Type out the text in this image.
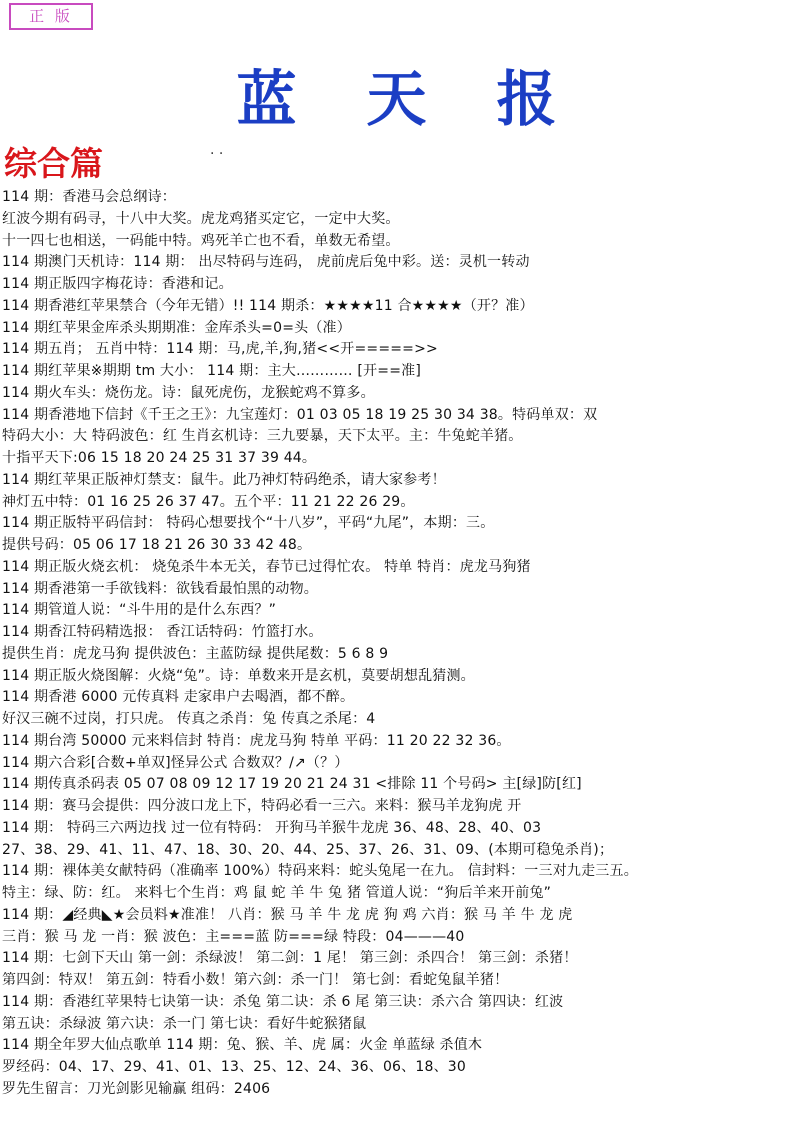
正 版
蓝 天 报
综合篇	. .
114 期：香港马会总纲诗：
红波今期有码寻，十八中大奖。虎龙鸡猪买定它，一定中大奖。
十一四七也相送，一码能中特。鸡死羊亡也不看，单数无希望。
114 期澳门天机诗：114 期： 出尽特码与连码， 虎前虎后兔中彩。送：灵机一转动
114 期正版四字梅花诗：香港和记。
114 期香港红苹果禁合（今年无错）!! 114 期杀：★★★★11 合★★★★（开？准）
114 期红苹果金库杀头期期准：金库杀头=0=头（准）
114 期五肖； 五肖中特：114 期：马,虎,羊,狗,猪<<开=====>>
114 期红苹果※期期 tm 大小： 114 期：主大………… [开==准]
114 期火车头：烧伤龙。诗：鼠死虎伤，龙猴蛇鸡不算多。
114 期香港地下信封《千王之王》：九宝莲灯：01 03 05 18 19 25 30 34 38。特码单双：双
特码大小：大 特码波色：红 生肖玄机诗：三九要暴，天下太平。主：牛兔蛇羊猪。
十指平天下:06 15 18 20 24 25 31 37 39 44。
114 期红苹果正版神灯禁支：鼠牛。此乃神灯特码绝杀，请大家参考！
神灯五中特：01 16 25 26 37 47。五个平：11 21 22 26 29。
114 期正版特平码信封： 特码心想要找个“十八岁”，平码“九尾”，本期：三。
提供号码：05 06 17 18 21 26 30 33 42 48。
114 期正版火烧玄机： 烧兔杀牛本无关，春节已过得忙农。 特单 特肖：虎龙马狗猪
114 期香港第一手欲钱料：欲钱看最怕黑的动物。
114 期管道人说：“斗牛用的是什么东西？”
114 期香江特码精选报： 香江话特码：竹篮打水。
提供生肖：虎龙马狗 提供波色：主蓝防绿 提供尾数：5 6 8 9
114 期正版火烧图解：火烧“兔”。诗：单数来开是玄机，莫要胡想乱猜测。
114 期香港 6000 元传真料 走家串户去喝酒，都不醉。
好汉三碗不过岗，打只虎。 传真之杀肖：兔 传真之杀尾：4
114 期台湾 50000 元来料信封 特肖：虎龙马狗 特单 平码：11 20 22 32 36。
114 期六合彩[合数+单双]怪异公式 合数双？/↗（？）
114 期传真杀码表 05 07 08 09 12 17 19 20 21 24 31 <排除 11 个号码> 主[绿]防[红]
114 期：赛马会提供：四分波口龙上下，特码必看一三六。来料：猴马羊龙狗虎 开
114 期： 特码三六两边找 过一位有特码： 开狗马羊猴牛龙虎 36、48、28、40、03
27、38、29、41、11、47、18、30、20、44、25、37、26、31、09、(本期可稳兔杀肖)；
114 期：裸体美女献特码（准确率 100%）特码来料：蛇头兔尾一在九。 信封料：一三对九走三五。
特主：绿、防：红。 来料七个生肖：鸡 鼠 蛇 羊 牛 兔 猪 管道人说：“狗后羊来开前兔”
114 期：◢经典◣★会员料★准准！ 八肖：猴 马 羊 牛 龙 虎 狗 鸡 六肖：猴 马 羊 牛 龙 虎
三肖：猴 马 龙 一肖：猴 波色：主===蓝 防===绿 特段：04———40
114 期：七剑下天山 第一剑：杀绿波！ 第二剑：1 尾！ 第三剑：杀四合！ 第三剑：杀猪！
第四剑：特双！ 第五剑：特看小数！第六剑：杀一门！ 第七剑：看蛇兔鼠羊猪！
114 期：香港红苹果特七诀第一诀：杀兔 第二诀：杀 6 尾 第三诀：杀六合 第四诀：红波
第五诀：杀绿波 第六诀：杀一门 第七诀：看好牛蛇猴猪鼠
114 期全年罗大仙点歌单 114 期：兔、猴、羊、虎 属：火金 单蓝绿 杀值木
罗经码：04、17、29、41、01、13、25、12、24、36、06、18、30
罗先生留言：刀光剑影见输赢 组码：2406
